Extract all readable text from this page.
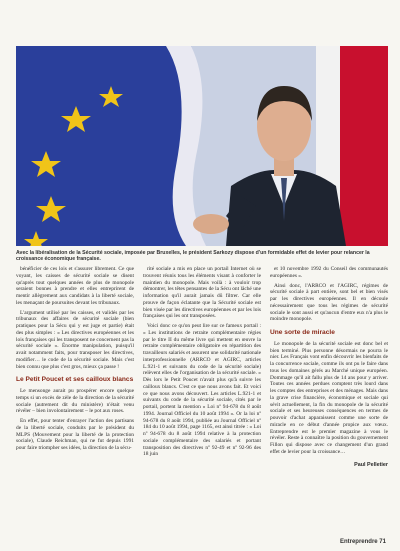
Avec la libéralisation de la Sécurité sociale, imposée par Bruxelles, le président Sarkozy dispose d'un formidable effet de levier pour relancer la croissance économique française.

bénéficier de ces lois et s'assurer librement. Ce que voyant, les caisses de sécurité sociale se disent qu'après tout quelques années de plus de monopole seraient bonnes à prendre et elles entreprirent de mentir allègrement aux candidats à la liberté sociale, les menaçant de poursuites devant les tribunaux.

L'argument utilisé par les caisses, et validés par les tribunaux des affaires de sécurité sociale (bien pratiques pour la Sécu qui y est juge et partie) était des plus simples : « Les directives européennes et les lois françaises qui les transposent ne concernent pas la sécurité sociale ». Énorme manipulation, puisqu'il avait notamment faits, pour transposer les directives, modifier… le code de la sécurité sociale. Mais c'est bien connu que plus c'est gros, mieux ça passe !

Le Petit Poucet et ses cailloux blancs

Le mensonge aurait pu prospérer encore quelque temps si un excès de zèle de la direction de la sécurité sociale (autrement dit du ministère) n'était venu révéler – bien involontairement – le pot aux roses.

En effet, pour tenter d'enrayer l'action des partisans de la liberté sociale, conduits par le président du MLPS (Mouvement pour la liberté de la protection sociale), Claude Reichman, qui ne fut depuis 1991 pour faire triompher ses idées, la direction de la sécu-

rité sociale a mis en place un portail Internet où se trouvent réunis tous les éléments visant à conforter le maintien du monopole. Mais voilà : à vouloir trop démontrer, les têtes pensantes de la Sécu ont lâché une information qu'il aurait jamais dû filtrer. Car elle prouve de façon éclatante que la Sécurité sociale est bien visée par les directives européennes et par les lois françaises qui les ont transposées.

Voici donc ce qu'on peut lire sur ce fameux portail : « Les institutions de retraite complémentaire régies par le titre II du même livre qui mettent en œuvre la retraite complémentaire obligatoire en répartition des travailleurs salariés et assurent une solidarité nationale interprofessionnelle (ARRCO et AGIRC, articles L.921-1 et suivants du code de la sécurité sociale) relèvent elles de l'organisation de la sécurité sociale. » Dès lors le Petit Poucet n'avait plus qu'à suivre les cailloux blancs. C'est ce que nous avons fait. Et voici ce que nous avons découvert. Les articles L.921-1 et suivants du code de la sécurité sociale, cités par le portail, portent la mention « Loi nº 94-678 du 8 août 1994. Journal Officiel du 10 août 1994 ». Or la loi nº 94-678 du 8 août 1994, publiée au Journal Officiel nº 184 du 10 août 1994, page 1165, est ainsi titrée : « Loi nº 94-678 du 8 août 1994 relative à la protection sociale complémentaire des salariés et portant transposition des directives nº 92-49 et nº 92-96 des 18 juin

et 10 novembre 1992 du Conseil des communautés européennes ».

Ainsi donc, l'ARRCO et l'AGIRC, régimes de sécurité sociale à part entière, sont bel et bien visés par les directives européennes. Il en découle nécessairement que tous les régimes de sécurité sociale le sont aussi et qu'aucun d'entre eux n'a plus le moindre monopole.

Une sorte de miracle

Le monopole de la sécurité sociale est donc bel et bien terminé. Plus personne désormais ne pourra le nier. Les Français vont enfin découvrir les bienfaits de la concurrence sociale, comme ils ont pu le faire dans tous les domaines gérés au Marché unique européen. Dommage qu'il ait fallu plus de 14 ans pour y arriver. Toutes ces années perdues comptent très lourd dans les comptes des entreprises et des ménages. Mais dans la grave crise financière, économique et sociale qui sévit actuellement, la fin du monopole de la sécurité sociale et ses heureuses conséquences en termes de pouvoir d'achat apparaissent comme une sorte de miracle en ce début d'année propice aux vœux. Entreprendre est le premier magazine à vous le révéler. Reste à connaître la position du gouvernement Fillon qui dispose avec ce changement d'un grand effet de levier pour la croissance…

Paul Pelletier
Entreprendre 71
